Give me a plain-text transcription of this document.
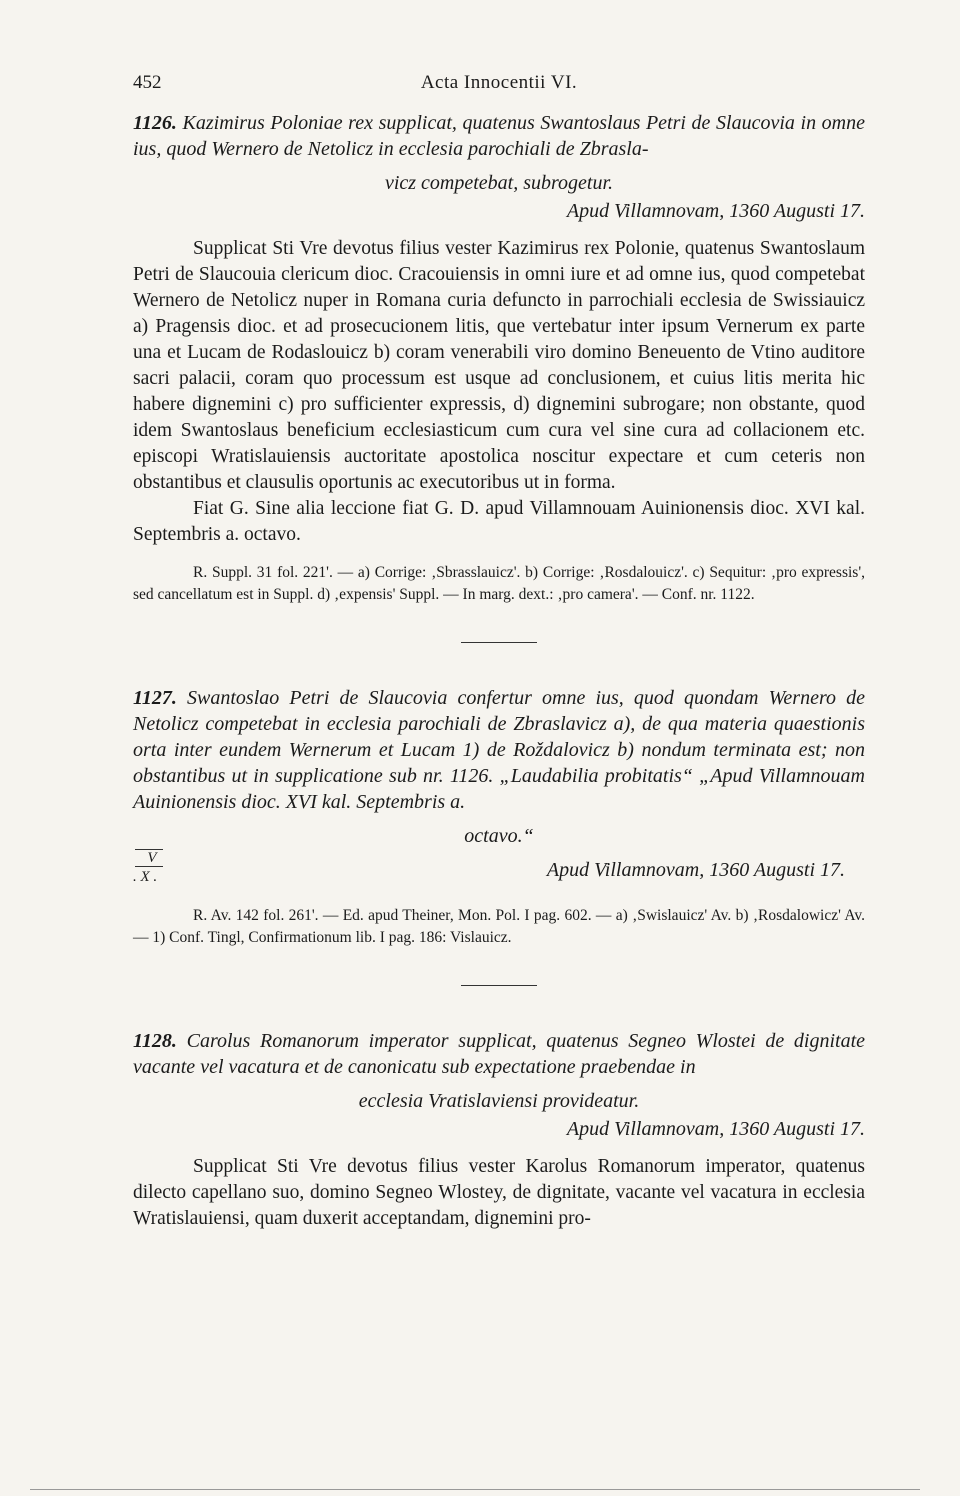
452	Acta Innocentii VI.

1126. Kazimirus Poloniae rex supplicat, quatenus Swantoslaus Petri de Slaucovia in omne ius, quod Wernero de Netolicz in ecclesia parochiali de Zbrasla-

vicz competebat, subrogetur.

Apud Villamnovam, 1360 Augusti 17.

Supplicat Sti Vre devotus filius vester Kazimirus rex Polonie, quatenus Swantoslaum Petri de Slaucouia clericum dioc. Cracouiensis in omni iure et ad omne ius, quod competebat Wernero de Netolicz nuper in Romana curia defuncto in parrochiali ecclesia de Swissiauicz a) Pragensis dioc. et ad prosecucionem litis, que vertebatur inter ipsum Vernerum ex parte una et Lucam de Rodaslouicz b) coram venerabili viro domino Beneuento de Vtino auditore sacri palacii, coram quo processum est usque ad conclusionem, et cuius litis merita hic habere dignemini c) pro sufficienter expressis, d) dignemini subrogare; non obstante, quod idem Swantoslaus beneficium ecclesiasticum cum cura vel sine cura ad collacionem etc. episcopi Wratislauiensis auctoritate apostolica noscitur expectare et cum ceteris non obstantibus et clausulis oportunis ac executoribus ut in forma.

Fiat G. Sine alia leccione fiat G. D. apud Villamnouam Auinionensis dioc. XVI kal. Septembris a. octavo.

R. Suppl. 31 fol. 221'. — a) Corrige: ‚Sbrasslauicz'. b) Corrige: ‚Rosdalouicz'. c) Sequitur: ‚pro expressis', sed cancellatum est in Suppl. d) ‚expensis' Suppl. — In marg. dext.: ‚pro camera'. — Conf. nr. 1122.

1127. Swantoslao Petri de Slaucovia confertur omne ius, quod quondam Wernero de Netolicz competebat in ecclesia parochiali de Zbraslavicz a), de qua materia quaestionis orta inter eundem Wernerum et Lucam 1) de Roždalovicz b) nondum terminata est; non obstantibus ut in supplicatione sub nr. 1126. „Laudabilia probitatis“ „Apud Villamnouam Auinionensis dioc. XVI kal. Septembris a.

octavo.“

V
. X .	Apud Villamnovam, 1360 Augusti 17.

R. Av. 142 fol. 261'. — Ed. apud Theiner, Mon. Pol. I pag. 602. — a) ‚Swislauicz' Av. b) ‚Rosdalowicz' Av. — 1) Conf. Tingl, Confirmationum lib. I pag. 186: Vislauicz.

1128. Carolus Romanorum imperator supplicat, quatenus Segneo Wlostei de dignitate vacante vel vacatura et de canonicatu sub expectatione praebendae in

ecclesia Vratislaviensi provideatur.

Apud Villamnovam, 1360 Augusti 17.

Supplicat Sti Vre devotus filius vester Karolus Romanorum imperator, quatenus dilecto capellano suo, domino Segneo Wlostey, de dignitate, vacante vel vacatura in ecclesia Wratislauiensi, quam duxerit acceptandam, dignemini pro-
